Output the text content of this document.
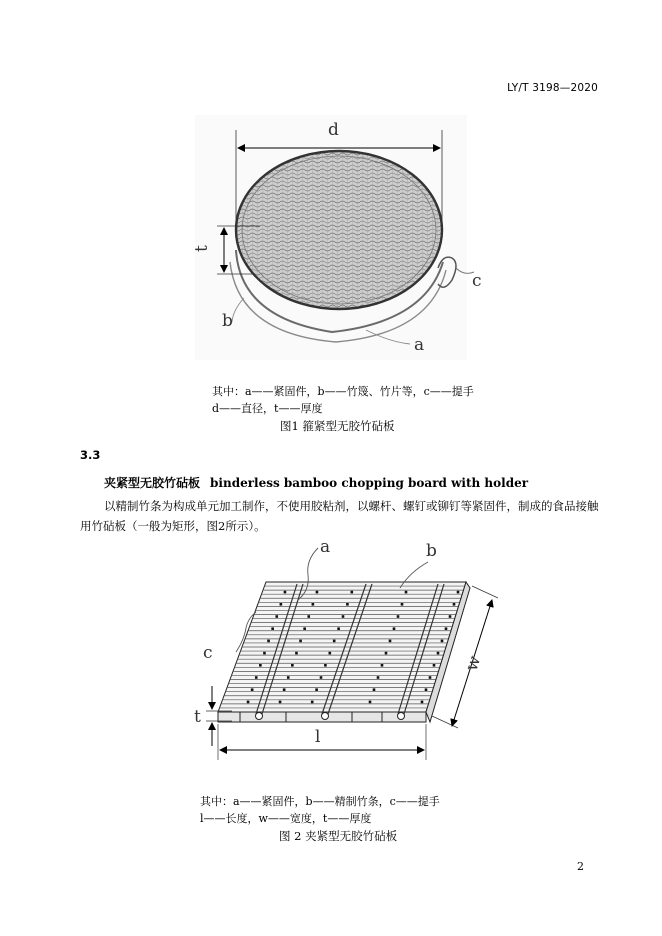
LY/T 3198—2020
d
t
c
b
a
a	b
c
t
l
w
其中：a——紧固件，b——竹篾、竹片等，c——提手
d——直径，t——厚度
图1 箍紧型无胶竹砧板
3.3
夹紧型无胶竹砧板 binderless bamboo chopping board with holder
以精制竹条为构成单元加工制作，不使用胶粘剂，以螺杆、螺钉或铆钉等紧固件，制成的食品接触用竹砧板（一般为矩形，图2所示）。
其中：a——紧固件，b——精制竹条，c——提手
l——长度，w——宽度，t——厚度
图 2 夹紧型无胶竹砧板
2
